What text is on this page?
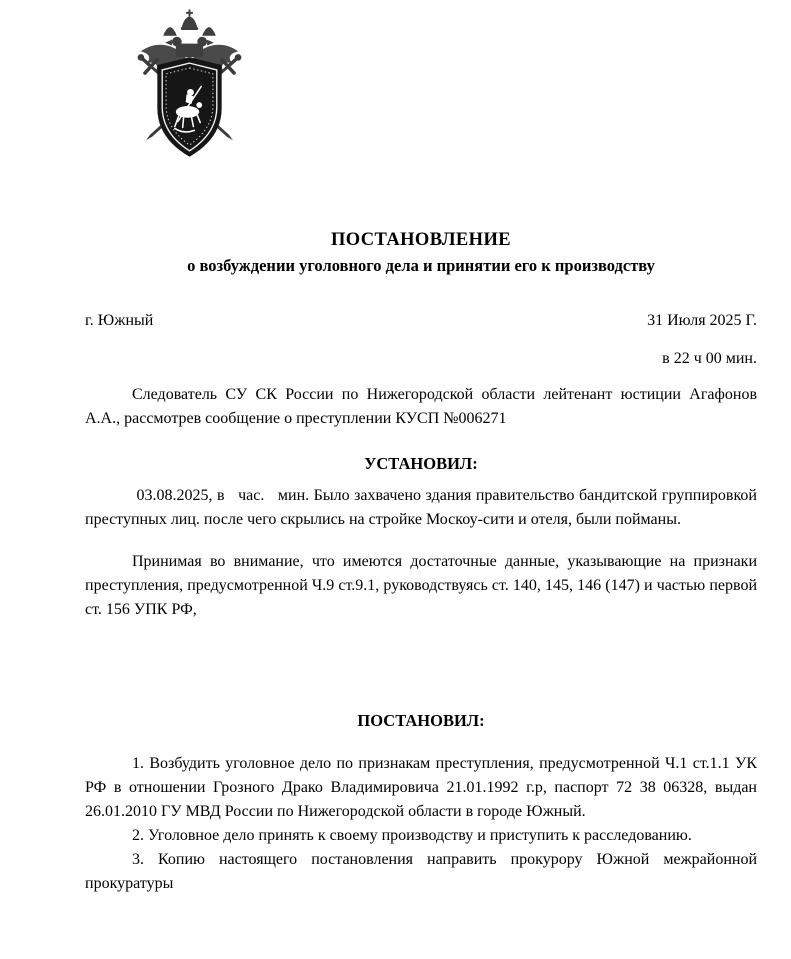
ПОСТАНОВЛЕНИЕ
о возбуждении уголовного дела и принятии его к производству
г. Южный	31 Июля 2025 Г.
в 22 ч 00 мин.

Следователь СУ СК России по Нижегородской области лейтенант юстиции Агафонов А.А., рассмотрев сообщение о преступлении КУСП №006271

УСТАНОВИЛ:

03.08.2025, в   час.   мин. Было захвачено здания правительство бандитской группировкой преступных лиц. после чего скрылись на стройке Москоу-сити и отеля, были пойманы.

Принимая во внимание, что имеются достаточные данные, указывающие на признаки преступления, предусмотренной Ч.9 ст.9.1, руководствуясь ст. 140, 145, 146 (147) и частью первой ст. 156 УПК РФ,

ПОСТАНОВИЛ:

1. Возбудить уголовное дело по признакам преступления, предусмотренной Ч.1 ст.1.1 УК РФ в отношении Грозного Драко Владимировича 21.01.1992 г.р, паспорт 72 38 06328, выдан 26.01.2010 ГУ МВД России по Нижегородской области в городе Южный.

2. Уголовное дело принять к своему производству и приступить к расследованию.

3. Копию настоящего постановления направить прокурору Южной межрайонной прокуратуры
